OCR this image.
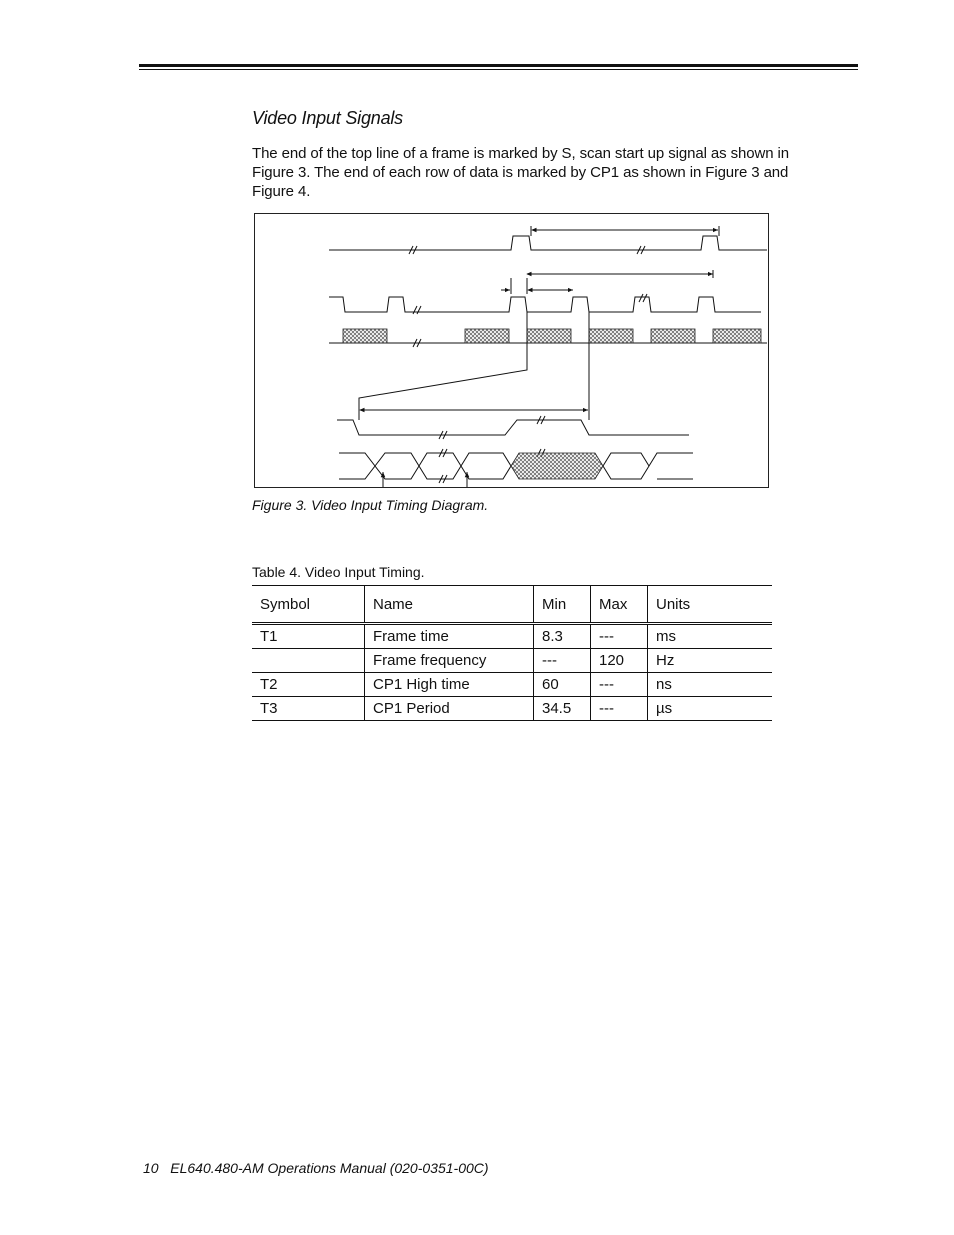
Video Input Signals
The end of the top line of a frame is marked by S, scan start up signal as shown in Figure 3. The end of each row of data is marked by CP1 as shown in Figure 3 and Figure 4.
Figure 3. Video Input Timing Diagram.
Table 4. Video Input Timing.
Symbol	Name	Min	Max	Units
T1	Frame time	8.3	---	ms
	Frame frequency	---	120	Hz
T2	CP1 High time	60	---	ns
T3	CP1 Period	34.5	---	µs
10   EL640.480-AM Operations Manual (020-0351-00C)
